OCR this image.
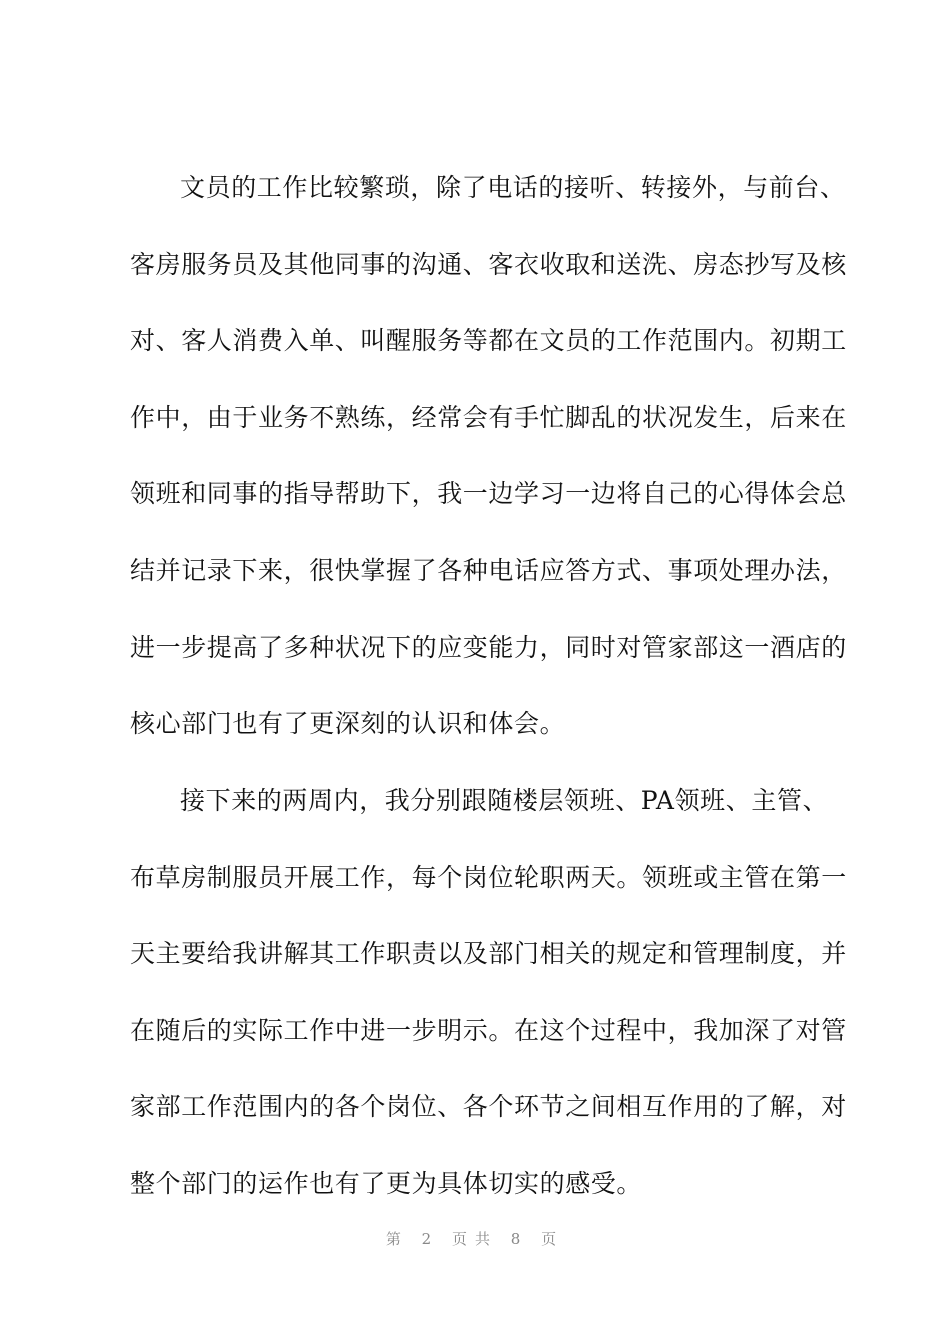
文员的工作比较繁琐，除了电话的接听、转接外，与前台、
客房服务员及其他同事的沟通、客衣收取和送洗、房态抄写及核
对、客人消费入单、叫醒服务等都在文员的工作范围内。初期工
作中，由于业务不熟练，经常会有手忙脚乱的状况发生，后来在
领班和同事的指导帮助下，我一边学习一边将自己的心得体会总
结并记录下来，很快掌握了各种电话应答方式、事项处理办法，
进一步提高了多种状况下的应变能力，同时对管家部这一酒店的
核心部门也有了更深刻的认识和体会。
接下来的两周内，我分别跟随楼层领班、PA领班、主管、
布草房制服员开展工作，每个岗位轮职两天。领班或主管在第一
天主要给我讲解其工作职责以及部门相关的规定和管理制度，并
在随后的实际工作中进一步明示。在这个过程中，我加深了对管
家部工作范围内的各个岗位、各个环节之间相互作用的了解，对
整个部门的运作也有了更为具体切实的感受。
第 2 页共 8 页
